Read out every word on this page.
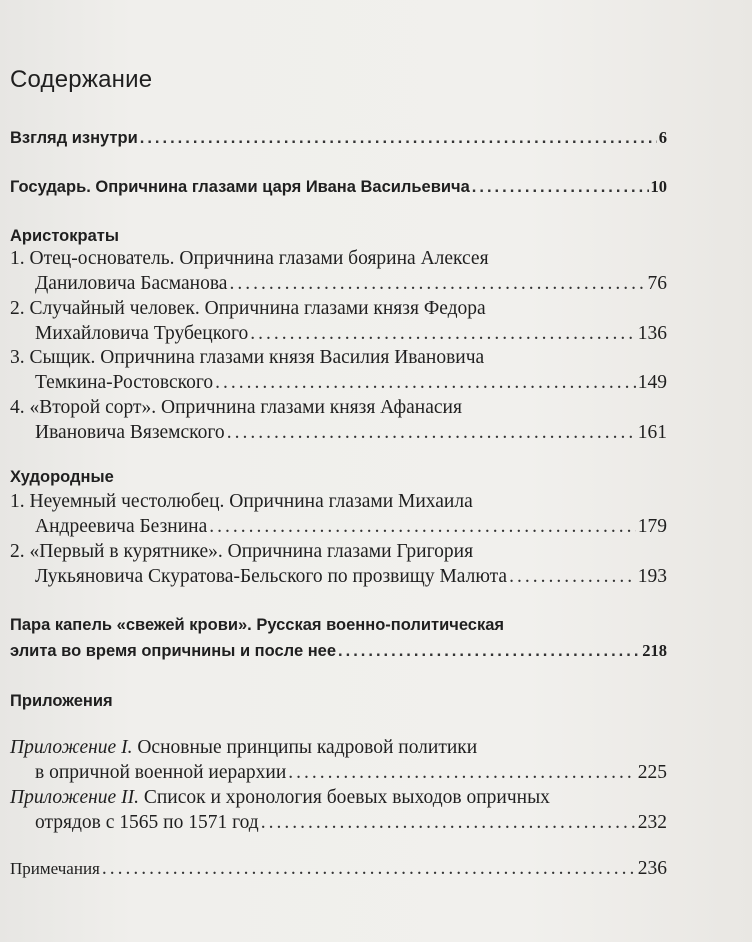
Содержание
Взгляд изнутри .....	6
Государь. Опричнина глазами царя Ивана Васильевича .....	10
Аристократы
1. Отец-основатель. Опричнина глазами боярина Алексея
Даниловича Басманова .....	76
2. Случайный человек. Опричнина глазами князя Федора
Михайловича Трубецкого .....	136
3. Сыщик. Опричнина глазами князя Василия Ивановича
Темкина-Ростовского .....	149
4. «Второй сорт». Опричнина глазами князя Афанасия
Ивановича Вяземского .....	161
Худородные
1. Неуемный честолюбец. Опричнина глазами Михаила
Андреевича Безнина .....	179
2. «Первый в курятнике». Опричнина глазами Григория
Лукьяновича Скуратова-Бельского по прозвищу Малюта .....	193
Пара капель «свежей крови». Русская военно-политическая
элита во время опричнины и после нее .....	218
Приложения
Приложение I. Основные принципы кадровой политики
в опричной военной иерархии .....	225
Приложение II. Список и хронология боевых выходов опричных
отрядов с 1565 по 1571 год .....	232
Примечания .....	236
